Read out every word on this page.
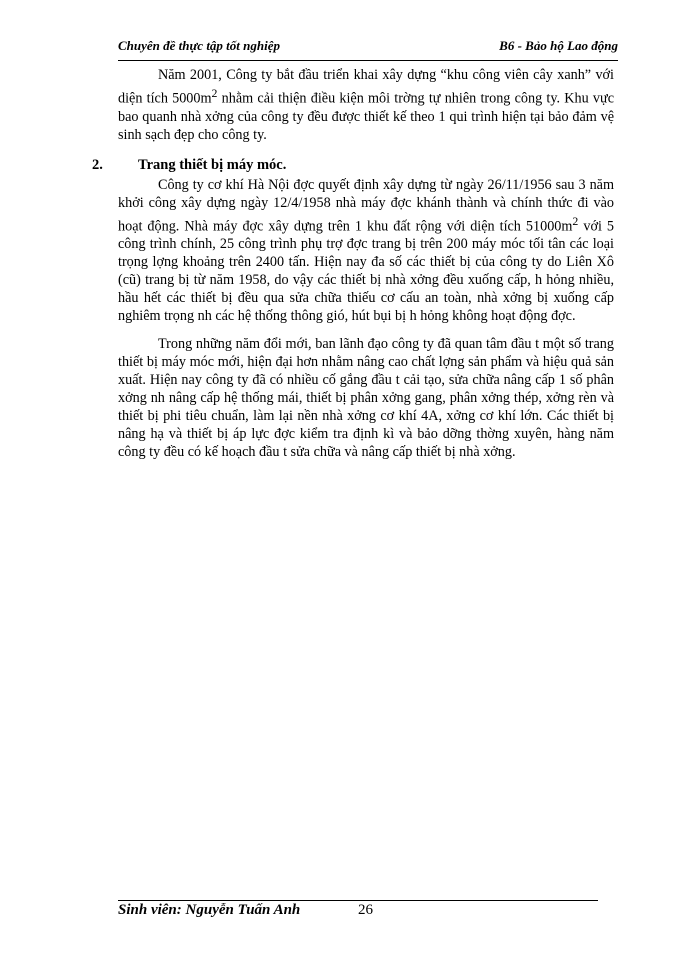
Chuyên đề thực tập tốt nghiệp	B6 - Bảo hộ Lao động

Năm 2001, Công ty bắt đầu triển khai xây dựng “khu công viên cây xanh” với diện tích $5000m^2$ nhằm cải thiện điều kiện môi trờng tự nhiên trong công ty. Khu vực bao quanh nhà xởng của công ty đều được thiết kế theo 1 qui trình hiện tại bảo đảm vệ sinh sạch đẹp cho công ty.

2. Trang thiết bị máy móc.

Công ty cơ khí Hà Nội đợc quyết định xây dựng từ ngày 26/11/1956 sau 3 năm khởi công xây dựng ngày 12/4/1958 nhà máy đợc khánh thành và chính thức đi vào hoạt động. Nhà máy đợc xây dựng trên 1 khu đất rộng với diện tích $51000m^2$ với 5 công trình chính, 25 công trình phụ trợ đợc trang bị trên 200 máy móc tối tân các loại trọng lợng khoảng trên 2400 tấn. Hiện nay đa số các thiết bị của công ty do Liên Xô (cũ) trang bị từ năm 1958, do vậy các thiết bị nhà xởng đều xuống cấp, h hỏng nhiều, hầu hết các thiết bị đều qua sửa chữa thiếu cơ cấu an toàn, nhà xởng bị xuống cấp nghiêm trọng nh các hệ thống thông gió, hút bụi bị h hỏng không hoạt động đợc.

Trong những năm đổi mới, ban lãnh đạo công ty đã quan tâm đầu t một số trang thiết bị máy móc mới, hiện đại hơn nhằm nâng cao chất lợng sản phẩm và hiệu quả sản xuất. Hiện nay công ty đã có nhiều cố gắng đầu t cải tạo, sửa chữa nâng cấp 1 số phân xởng nh nâng cấp hệ thống mái, thiết bị phân xởng gang, phân xởng thép, xởng rèn và thiết bị phi tiêu chuẩn, làm lại nền nhà xởng cơ khí 4A, xởng cơ khí lớn. Các thiết bị nâng hạ và thiết bị áp lực đợc kiểm tra định kì và bảo dỡng thờng xuyên, hàng năm công ty đều có kế hoạch đầu t sửa chữa và nâng cấp thiết bị nhà xởng.

Sinh viên: Nguyễn Tuấn Anh	26
